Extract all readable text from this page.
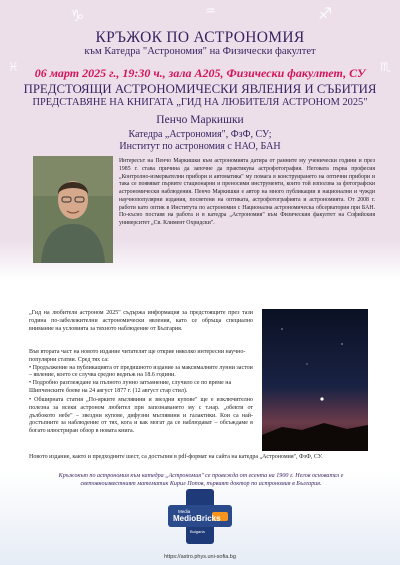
♑	♒	♐
♏
♓
КРЪЖОК ПО АСТРОНОМИЯ
към Катедра "Астрономия" на Физически факултет
06 март 2025 г., 19:30 ч., зала А205, Физически факултет, СУ
ПРЕДСТОЯЩИ АСТРОНОМИЧЕСКИ ЯВЛЕНИЯ И СЪБИТИЯ
ПРЕДСТАВЯНЕ НА КНИГАТА „ГИД НА ЛЮБИТЕЛЯ АСТРОНОМ 2025"
Пенчо Маркишки
Катедра „Астрономия", ФзФ, СУ;
Институт по астрономия с НАО, БАН
Интересът на Пенчо Маркишки към астрономията датира от ранните му ученически години и през 1985 г. става причина да започне да практикува астрофотография. Неговата първа професия „Контролно-измервателни прибори и автоматика" му помага в конструирането на оптични прибори и така се появяват първите стационарни и преносими инструменти, които той използва за фотографски астрономически наблюдения. Пенчо Маркишки е автор на много публикации в национални и чужди научнопопулярни издания, посветени на оптиката, астрофотографията и астрономията. От 2008 г. работи като оптик в Института по астрономия с Национална астрономическа обсерватория при БАН. По-късно поставя на работа и в катедра „Астрономия" към Физическия факултет на Софийския университет „Св. Климент Охридски".
„Гид на любителя астроном 2025" съдържа информация за предстоящите през тази година по-забележителни астрономически явления, като се обръща специално внимание на условията за тяхното наблюдение от България.
Във втората част на новото издание читателят ще открие няколко интересни научно-популярни статии. Сред тях са:
• Продължение на публикацията от предишното издание за максималните лунни застои – явление, което се случва средно веднъж на 18.6 години.
• Подробно разглеждане на пълното лунно затъмнение, случило се по време на Шипченските боеве на 24 август 1877 г. (12 август стар стил).
• Обширната статия „По-ярките мъглявини и звездни купове" ще е изключително полезна за всеки астроном любител при запознаването му с т.нар. „обекти от дълбокото небе" – звездни купове, дифузни мъглявини и галактики. Кои са най-достъпните за наблюдение от тях, кога и как могат да се наблюдават – обсъждаме в богато илюстриран обзор в новата книга.
Новото издание, както и предходните шест, са достъпни в pdf-формат на сайта на катедра „Астрономия", ФзФ, СУ.
Кръжокът по астрономия към катедра „Астрономия" се провежда от есента на 1900 г. Негов основател е световноизвестният математик Кирил Попов, първият доктор по астрономия в България.
Media
MedioBricks
Bulgaria
https://astro.phys.uni-sofia.bg
